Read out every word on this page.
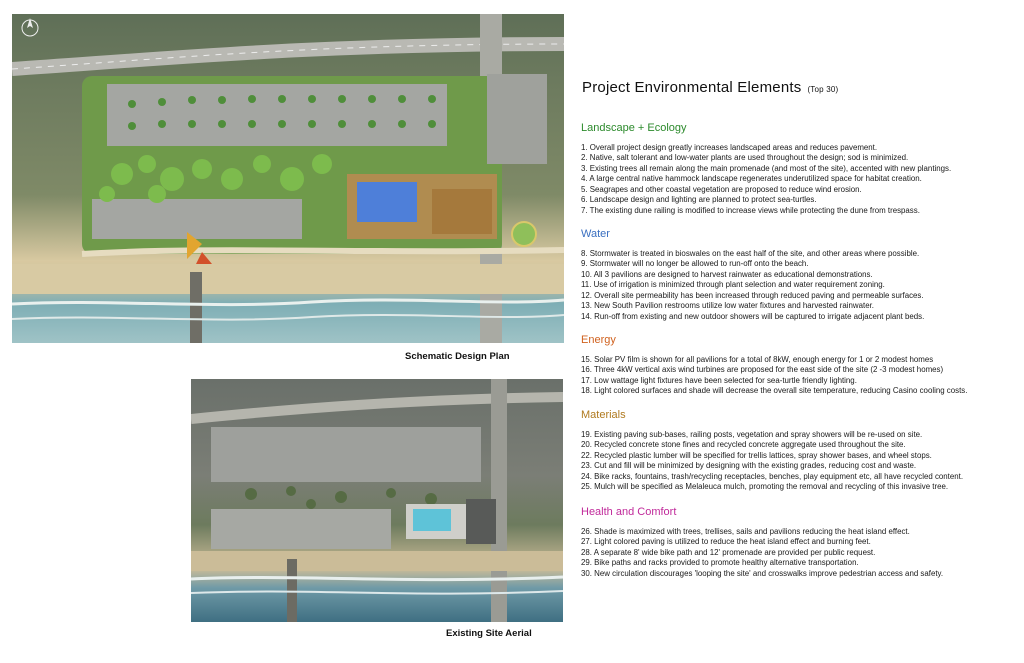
Schematic Design Plan
Existing Site Aerial
Project Environmental Elements (Top 30)
Landscape + Ecology
1. Overall project design greatly increases landscaped areas and reduces pavement.
2. Native, salt tolerant and low-water plants are used throughout the design; sod is minimized.
3. Existing trees all remain along the main promenade (and most of the site), accented with new plantings.
4. A large central native hammock landscape regenerates underutilized space for habitat creation.
5. Seagrapes and other coastal vegetation are proposed to reduce wind erosion.
6. Landscape design and lighting are planned to protect sea-turtles.
7. The existing dune railing is modified to increase views while protecting the dune from trespass.
Water
8. Stormwater is treated in bioswales on the east half of the site, and other areas where possible.
9. Stormwater will no longer be allowed to run-off onto the beach.
10. All 3 pavilions are designed to harvest rainwater as educational demonstrations.
11. Use of irrigation is minimized through plant selection and water requirement zoning.
12. Overall site permeability has been increased through reduced paving and permeable surfaces.
13. New South Pavilion restrooms utilize low water fixtures and harvested rainwater.
14. Run-off from existing and new outdoor showers will be captured to irrigate adjacent plant beds.
Energy
15. Solar PV film is shown for all pavilions for a total of 8kW, enough energy for 1 or 2 modest homes
16. Three 4kW vertical axis wind turbines are proposed for the east side of the site (2 -3 modest homes)
17. Low wattage light fixtures have been selected for sea-turtle friendly lighting.
18. Light colored surfaces and shade will decrease the overall site temperature, reducing Casino cooling costs.
Materials
19. Existing paving sub-bases, railing posts, vegetation and spray showers will be re-used on site.
20. Recycled concrete stone fines and recycled concrete aggregate used throughout the site.
22. Recycled plastic lumber will be specified for trellis lattices, spray shower bases, and wheel stops.
23. Cut and fill will be minimized by designing with the existing grades, reducing cost and waste.
24. Bike racks, fountains, trash/recycling receptacles, benches, play equipment etc, all have recycled content.
25. Mulch will be specified as Melaleuca mulch, promoting the removal and recycling of this invasive tree.
Health and Comfort
26. Shade is maximized with trees, trellises, sails and pavilions reducing the heat island effect.
27. Light colored paving is utilized to reduce the heat island effect and burning feet.
28. A separate 8' wide bike path and 12' promenade are provided per public request.
29. Bike paths and racks provided to promote healthy alternative transportation.
30. New circulation discourages 'looping the site' and crosswalks improve pedestrian access and safety.
